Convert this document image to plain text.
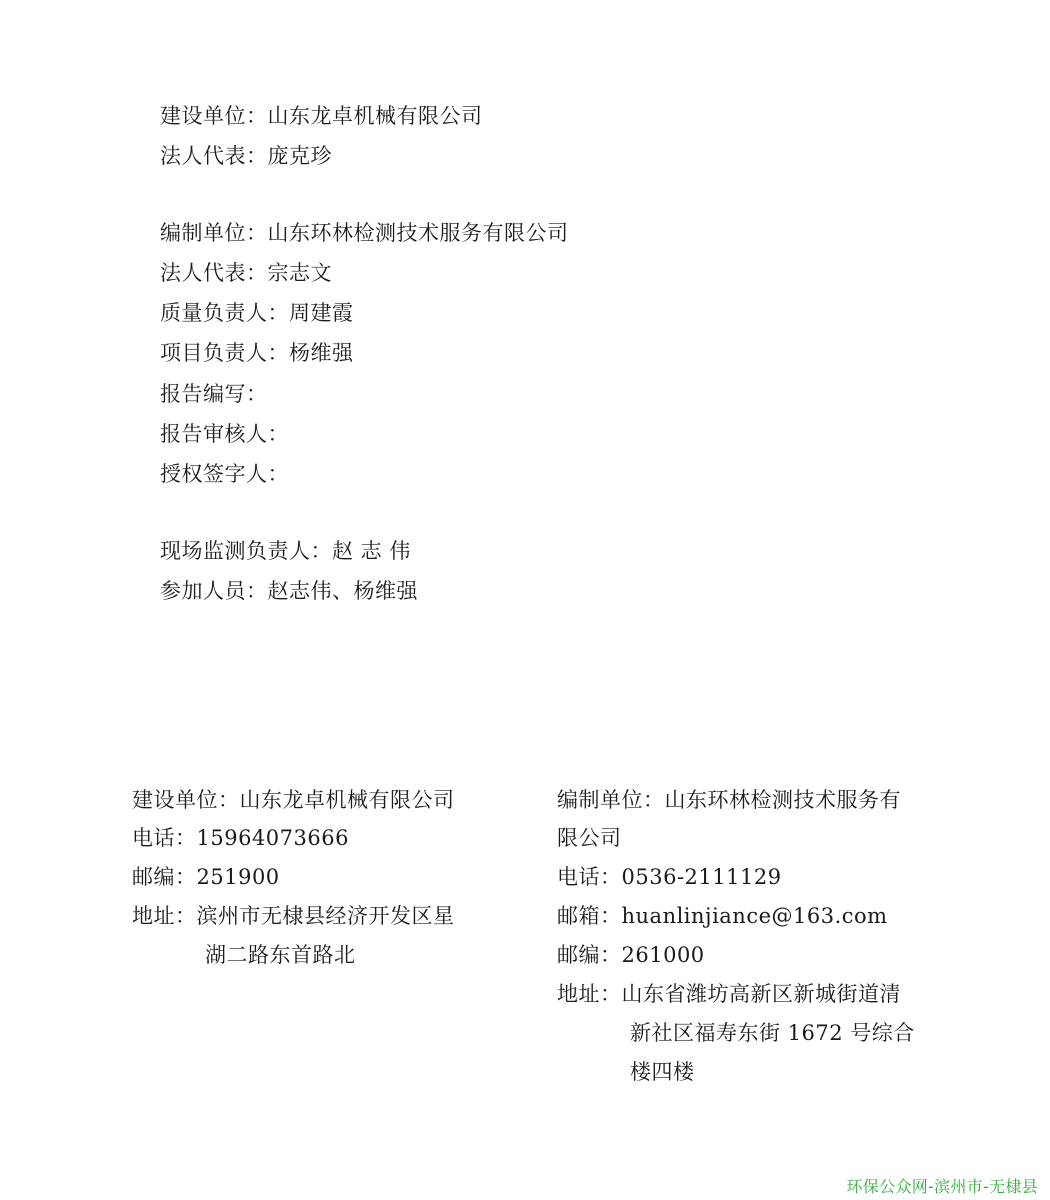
建设单位：山东龙卓机械有限公司
法人代表：庞克珍
编制单位：山东环林检测技术服务有限公司
法人代表：宗志文
质量负责人：周建霞
项目负责人：杨维强
报告编写：
报告审核人：
授权签字人：
现场监测负责人：赵 志 伟
参加人员：赵志伟、杨维强
建设单位：山东龙卓机械有限公司
电话：15964073666
邮编：251900
地址：滨州市无棣县经济开发区星
湖二路东首路北
编制单位：山东环林检测技术服务有
限公司
电话：0536-2111129
邮箱：huanlinjiance@163.com
邮编：261000
地址：山东省潍坊高新区新城街道清
新社区福寿东街 1672 号综合
楼四楼
环保公众网-滨州市-无棣县
